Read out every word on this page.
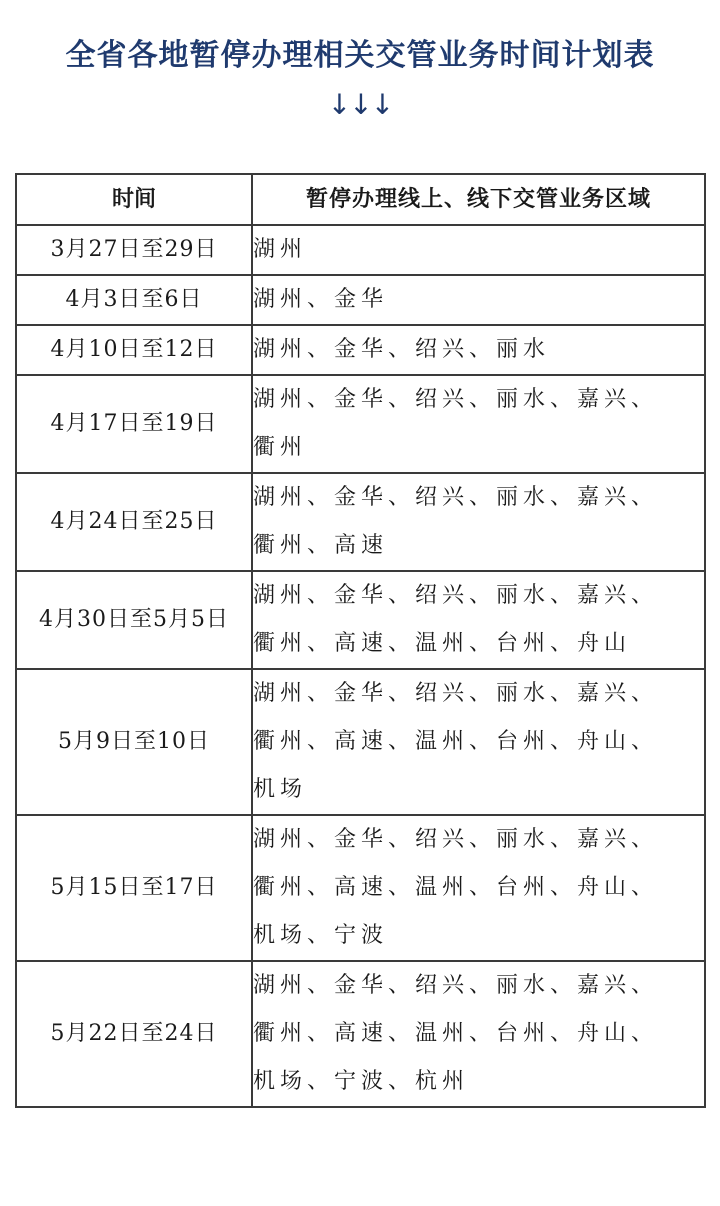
全省各地暂停办理相关交管业务时间计划表
↓↓↓
时间	暂停办理线上、线下交管业务区域
3月27日至29日	湖州

4月3日至6日	湖州、金华

4月10日至12日	湖州、金华、绍兴、丽水

4月17日至19日	湖州、金华、绍兴、丽水、嘉兴、
衢州

4月24日至25日	湖州、金华、绍兴、丽水、嘉兴、
衢州、高速

4月30日至5月5日	湖州、金华、绍兴、丽水、嘉兴、
衢州、高速、温州、台州、舟山

5月9日至10日	湖州、金华、绍兴、丽水、嘉兴、
衢州、高速、温州、台州、舟山、
机场

5月15日至17日	湖州、金华、绍兴、丽水、嘉兴、
衢州、高速、温州、台州、舟山、
机场、宁波

5月22日至24日	湖州、金华、绍兴、丽水、嘉兴、
衢州、高速、温州、台州、舟山、
机场、宁波、杭州
